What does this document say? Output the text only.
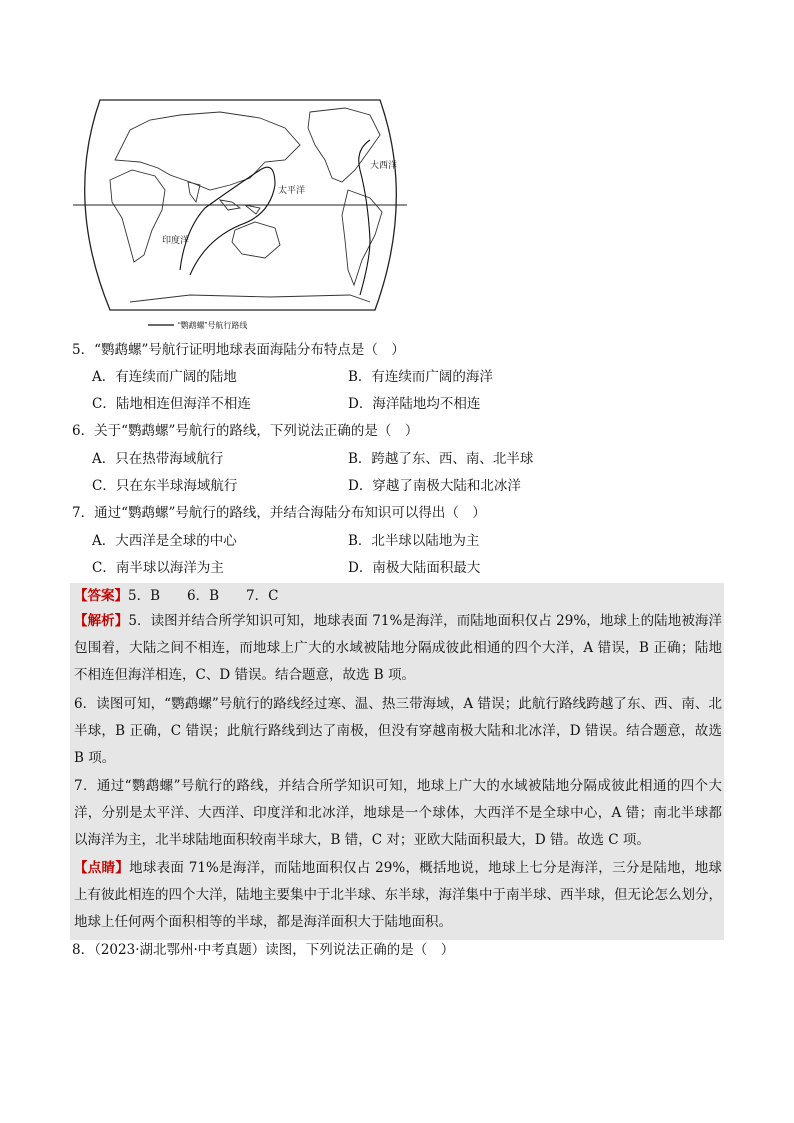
大西洋
太平洋
印度洋
“鹦鹉螺”号航行路线
5．“鹦鹉螺”号航行证明地球表面海陆分布特点是（　）
A．有连续而广阔的陆地	B．有连续而广阔的海洋
C．陆地相连但海洋不相连	D．海洋陆地均不相连
6．关于“鹦鹉螺”号航行的路线，下列说法正确的是（　）
A．只在热带海域航行	B．跨越了东、西、南、北半球
C．只在东半球海域航行	D．穿越了南极大陆和北冰洋
7．通过“鹦鹉螺”号航行的路线，并结合海陆分布知识可以得出（　）
A．大西洋是全球的中心	B．北半球以陆地为主
C．南半球以海洋为主	D．南极大陆面积最大
【答案】5．B　　6．B　　7．C
【解析】5．读图并结合所学知识可知，地球表面 71%是海洋，而陆地面积仅占 29%，地球上的陆地被海洋包围着，大陆之间不相连，而地球上广大的水域被陆地分隔成彼此相通的四个大洋，A 错误，B 正确；陆地不相连但海洋相连，C、D 错误。结合题意，故选 B 项。
6．读图可知，“鹦鹉螺”号航行的路线经过寒、温、热三带海域，A 错误；此航行路线跨越了东、西、南、北半球，B 正确，C 错误；此航行路线到达了南极，但没有穿越南极大陆和北冰洋，D 错误。结合题意，故选 B 项。
7．通过“鹦鹉螺”号航行的路线，并结合所学知识可知，地球上广大的水域被陆地分隔成彼此相通的四个大洋，分别是太平洋、大西洋、印度洋和北冰洋，地球是一个球体，大西洋不是全球中心，A 错；南北半球都以海洋为主，北半球陆地面积较南半球大，B 错，C 对；亚欧大陆面积最大，D 错。故选 C 项。
【点睛】地球表面 71%是海洋，而陆地面积仅占 29%，概括地说，地球上七分是海洋，三分是陆地，地球上有彼此相连的四个大洋，陆地主要集中于北半球、东半球，海洋集中于南半球、西半球，但无论怎么划分，地球上任何两个面积相等的半球，都是海洋面积大于陆地面积。
8．（2023·湖北鄂州·中考真题）读图，下列说法正确的是（　）
